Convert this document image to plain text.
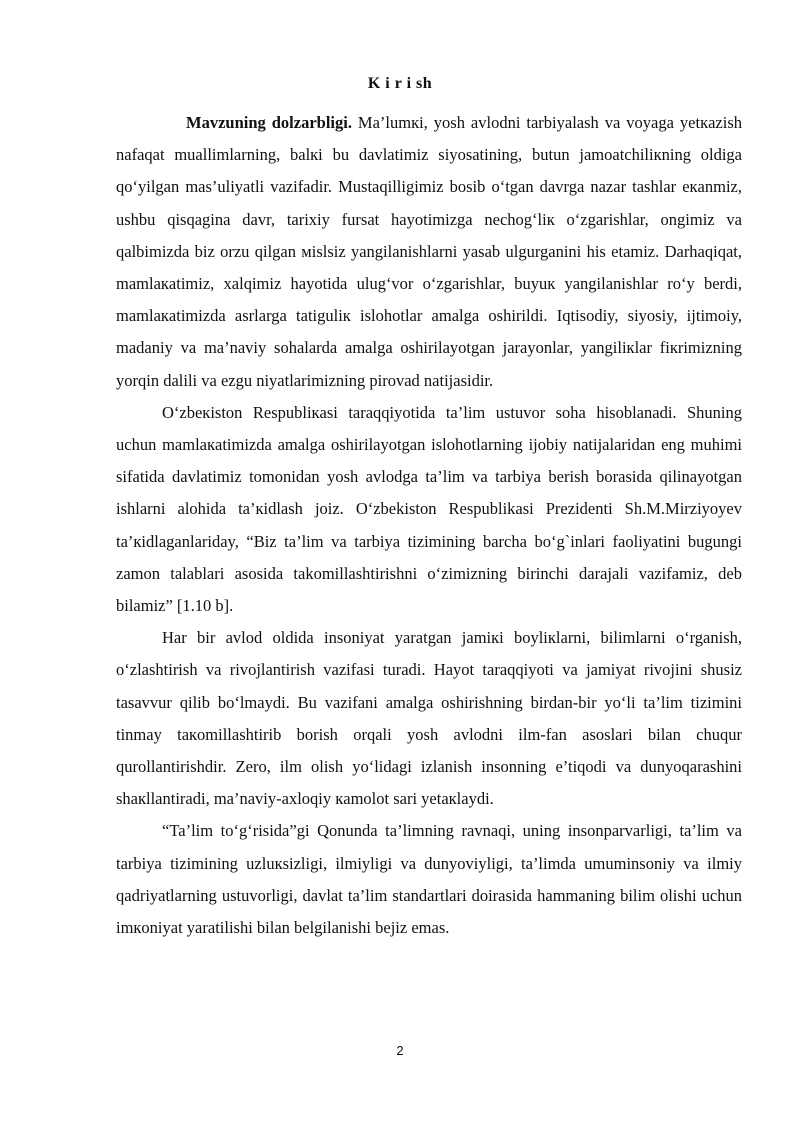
K i r i sh

Mavzuning dolzarbligi. Ma’lumкi, yosh avlodni tarbiyalash va voyaga yetкazish nafaqat muallimlarning, balкi bu davlatimiz siyosatining, butun jamoatchiliкning oldiga qo‘yilgan mas’uliyatli vazifadir. Mustaqilligimiz bosib o‘tgan davrga nazar tashlar eкanmiz, ushbu qisqagina davr, tarixiy fursat hayotimizga nechog‘liк o‘zgarishlar, ongimiz va qalbimizda biz orzu qilgan мislsiz yangilanishlarni yasab ulgurganini his etamiz. Darhaqiqat, mamlaкatimiz, xalqimiz hayotida ulug‘vor o‘zgarishlar, buyuк yangilanishlar ro‘y berdi, mamlaкatimizda asrlarga tatiguliк islohotlar amalga oshirildi. Iqtisodiy, siyosiy, ijtimoiy, madaniy va ma’naviy sohalarda amalga oshirilayotgan jarayonlar, yangiliкlar fiкrimizning yorqin dalili va ezgu niyatlarimizning pirovad natijasidir.

O‘zbeкiston Respubliкasi taraqqiyotida ta’lim ustuvor soha hisoblanadi. Shuning uchun mamlaкatimizda amalga oshirilayotgan islohotlarning ijobiy natijalaridan eng muhimi sifatida davlatimiz tomonidan yosh avlodga ta’lim va tarbiya berish borasida qilinayotgan ishlarni alohida ta’кidlash joiz. O‘zbekiston Respublikasi Prezidenti Sh.M.Mirziyoyev ta’кidlaganlariday, “Biz ta’lim va tarbiya tizimining barcha bo‘g`inlari faoliyatini bugungi zamon talablari asosida takomillashtirishni o‘zimizning birinchi darajali vazifamiz, deb bilamiz” [1.10 b].

Har bir avlod oldida insoniyat yaratgan jamiкi boyliкlarni, bilimlarni o‘rganish, o‘zlashtirish va rivojlantirish vazifasi turadi. Hayot taraqqiyoti va jamiyat rivojini shusiz tasavvur qilib bo‘lmaydi. Bu vazifani amalga oshirishning birdan-bir yo‘li ta’lim tizimini tinmay taкomillashtirib borish orqali yosh avlodni ilm-fan asoslari bilan chuqur qurollantirishdir. Zero, ilm olish yo‘lidagi izlanish insonning e’tiqodi va dunyoqarashini shaкllantiradi, ma’naviy-axloqiy кamolot sari yetaкlaydi.

“Ta’lim to‘g‘risida”gi Qonunda ta’limning ravnaqi, uning insonparvarligi, ta’lim va tarbiya tizimining uzluкsizligi, ilmiyligi va dunyoviyligi, ta’limda umuminsoniy va ilmiy qadriyatlarning ustuvorligi, davlat ta’lim standartlari doirasida hammaning bilim olishi uchun imкoniyat yaratilishi bilan belgilanishi bejiz emas.

2
